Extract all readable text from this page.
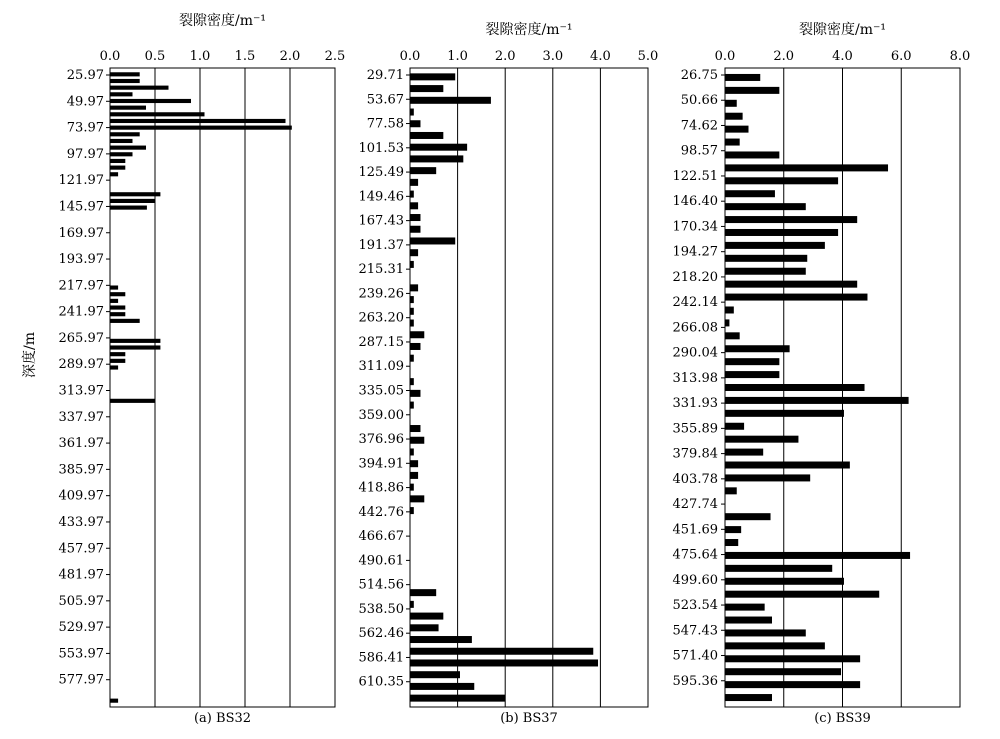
裂隙密度/m⁻¹
0.0 0.5 1.0 1.5 2.0 2.5
25.97
49.97
73.97
97.97
121.97
145.97
169.97
193.97
217.97
241.97
265.97
289.97
313.97
337.97
361.97
385.97
409.97
433.97
457.97
481.97
505.97
529.97
553.97
577.97
(a) BS32
裂隙密度/m⁻¹
0.0 1.0 2.0 3.0 4.0 5.0
29.71
53.67
77.58
101.53
125.49
149.46
167.43
191.37
215.31
239.26
263.20
287.15
311.09
335.05
359.00
376.96
394.91
418.86
442.76
466.67
490.61
514.56
538.50
562.46
586.41
610.35
(b) BS37
裂隙密度/m⁻¹
0.0	2.0	4.0	6.0	8.0
26.75
50.66
74.62
98.57
122.51
146.40
170.34
194.27
218.20
242.14
266.08
290.04
313.98
331.93
355.89
379.84
403.78
427.74
451.69
475.64
499.60
523.54
547.43
571.40
595.36
(c) BS39
深度/m
